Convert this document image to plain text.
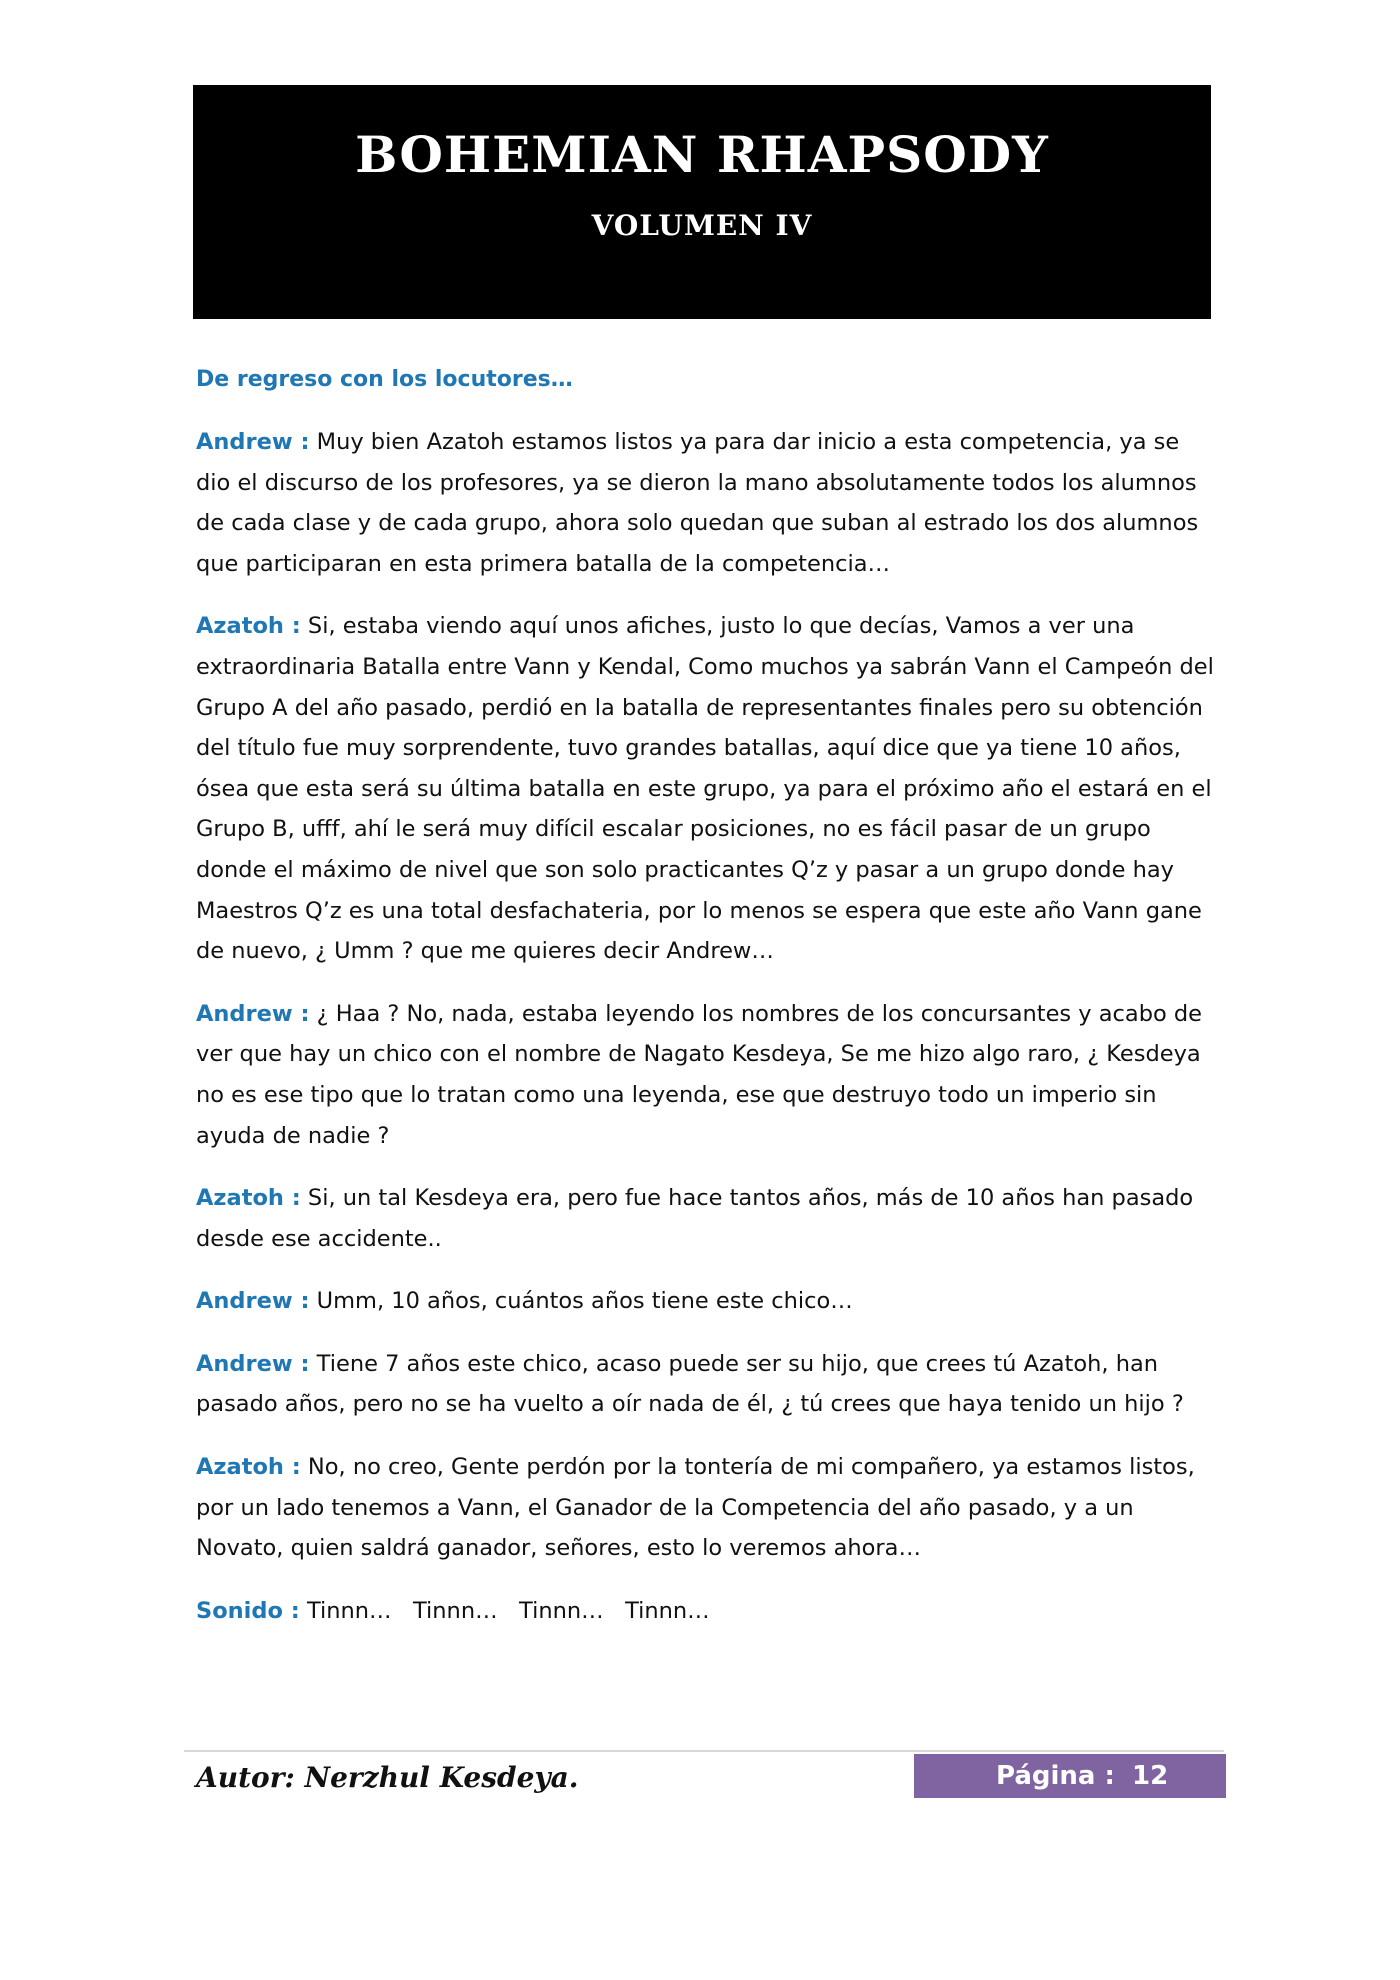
BOHEMIAN RHAPSODY
VOLUMEN IV
De regreso con los locutores…

Andrew : Muy bien Azatoh estamos listos ya para dar inicio a esta competencia, ya se dio el discurso de los profesores, ya se dieron la mano absolutamente todos los alumnos de cada clase y de cada grupo, ahora solo quedan que suban al estrado los dos alumnos que participaran en esta primera batalla de la competencia…

Azatoh : Si, estaba viendo aquí unos afiches, justo lo que decías, Vamos a ver una extraordinaria Batalla entre Vann y Kendal, Como muchos ya sabrán Vann el Campeón del Grupo A del año pasado, perdió en la batalla de representantes finales pero su obtención del título fue muy sorprendente, tuvo grandes batallas, aquí dice que ya tiene 10 años, ósea que esta será su última batalla en este grupo, ya para el próximo año el estará en el Grupo B, ufff, ahí le será muy difícil escalar posiciones, no es fácil pasar de un grupo donde el máximo de nivel que son solo practicantes Q’z y pasar a un grupo donde hay Maestros Q’z es una total desfachateria, por lo menos se espera que este año Vann gane de nuevo, ¿ Umm ? que me quieres decir Andrew…

Andrew : ¿ Haa ? No, nada, estaba leyendo los nombres de los concursantes y acabo de ver que hay un chico con el nombre de Nagato Kesdeya, Se me hizo algo raro, ¿ Kesdeya no es ese tipo que lo tratan como una leyenda, ese que destruyo todo un imperio sin ayuda de nadie ?

Azatoh : Si, un tal Kesdeya era, pero fue hace tantos años, más de 10 años han pasado desde ese accidente..

Andrew : Umm, 10 años, cuántos años tiene este chico…

Andrew : Tiene 7 años este chico, acaso puede ser su hijo, que crees tú Azatoh, han pasado años, pero no se ha vuelto a oír nada de él, ¿ tú crees que haya tenido un hijo ?

Azatoh : No, no creo, Gente perdón por la tontería de mi compañero, ya estamos listos, por un lado tenemos a Vann, el Ganador de la Competencia del año pasado, y a un Novato, quien saldrá ganador, señores, esto lo veremos ahora…

Sonido : Tinnn…   Tinnn…   Tinnn…   Tinnn…

Autor: Nerzhul Kesdeya.	Página : 12
